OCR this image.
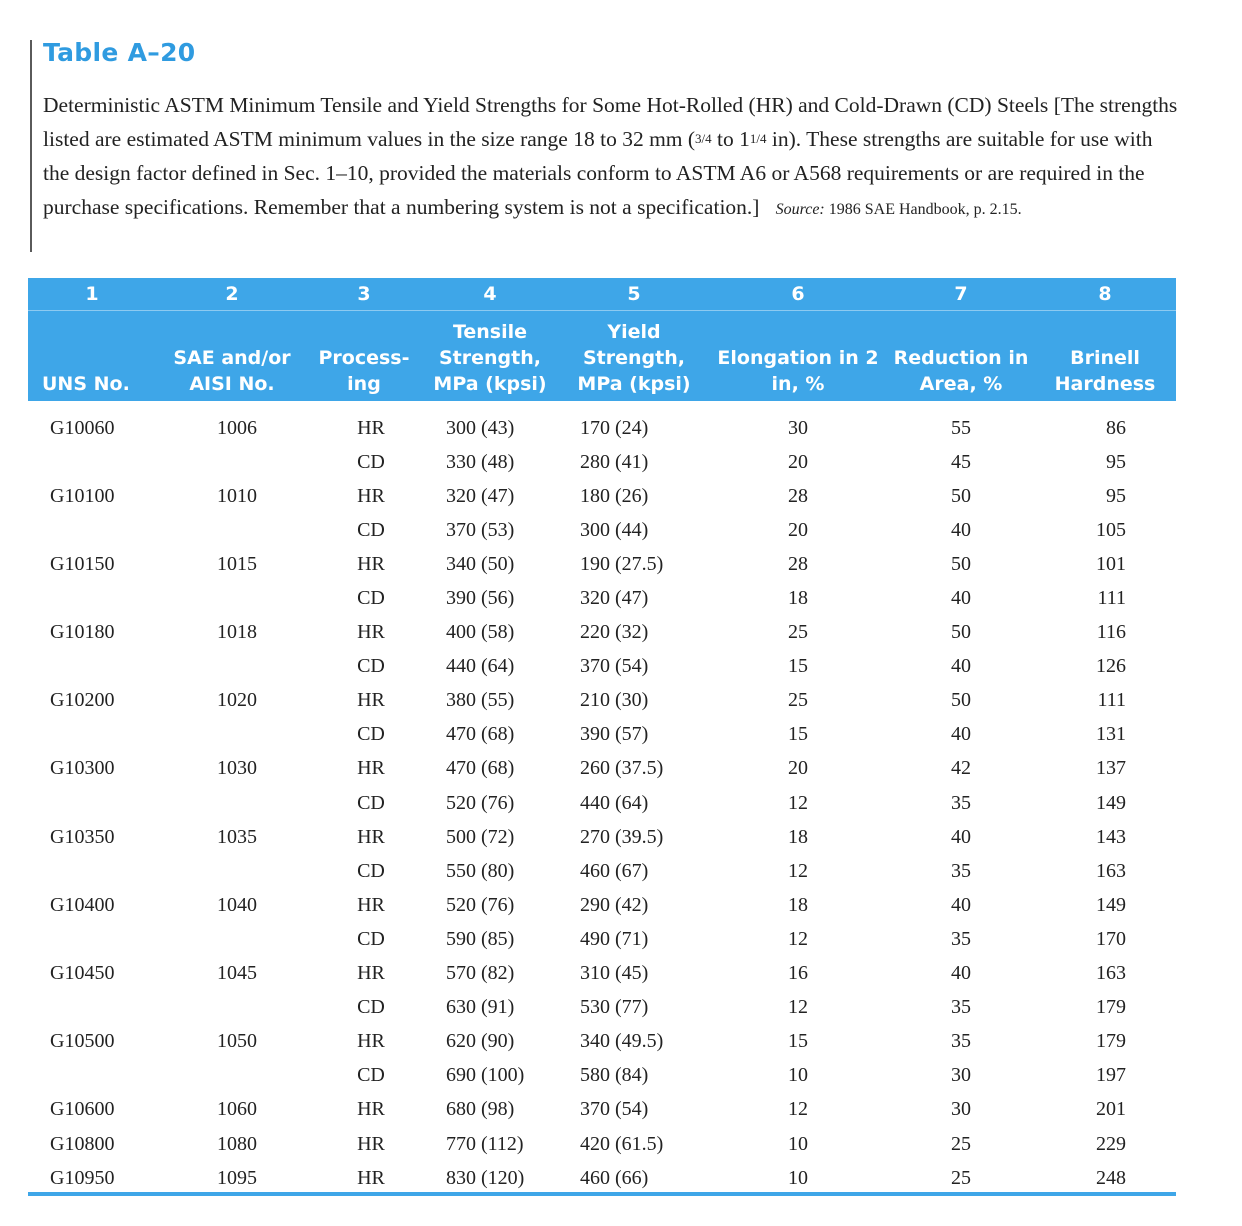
Table A–20
Deterministic ASTM Minimum Tensile and Yield Strengths for Some Hot-Rolled (HR) and Cold-Drawn (CD) Steels [The strengths listed are estimated ASTM minimum values in the size range 18 to 32 mm (3/4 to 11/4 in). These strengths are suitable for use with the design factor defined in Sec. 1–10, provided the materials conform to ASTM A6 or A568 requirements or are required in the purchase specifications. Remember that a numbering system is not a specification.] Source: 1986 SAE Handbook, p. 2.15.
1	2	3	4	5	6	7	8
UNS No.	SAE and/or AISI No.	Process-ing	Tensile Strength, MPa (kpsi)	Yield Strength, MPa (kpsi)	Elongation in 2 in, %	Reduction in Area, %	Brinell Hardness
G10060	1006	HR	300 (43)	170 (24)	30	55	86
		CD	330 (48)	280 (41)	20	45	95
G10100	1010	HR	320 (47)	180 (26)	28	50	95
		CD	370 (53)	300 (44)	20	40	105
G10150	1015	HR	340 (50)	190 (27.5)	28	50	101
		CD	390 (56)	320 (47)	18	40	111
G10180	1018	HR	400 (58)	220 (32)	25	50	116
		CD	440 (64)	370 (54)	15	40	126
G10200	1020	HR	380 (55)	210 (30)	25	50	111
		CD	470 (68)	390 (57)	15	40	131
G10300	1030	HR	470 (68)	260 (37.5)	20	42	137
		CD	520 (76)	440 (64)	12	35	149
G10350	1035	HR	500 (72)	270 (39.5)	18	40	143
		CD	550 (80)	460 (67)	12	35	163
G10400	1040	HR	520 (76)	290 (42)	18	40	149
		CD	590 (85)	490 (71)	12	35	170
G10450	1045	HR	570 (82)	310 (45)	16	40	163
		CD	630 (91)	530 (77)	12	35	179
G10500	1050	HR	620 (90)	340 (49.5)	15	35	179
		CD	690 (100)	580 (84)	10	30	197
G10600	1060	HR	680 (98)	370 (54)	12	30	201
G10800	1080	HR	770 (112)	420 (61.5)	10	25	229
G10950	1095	HR	830 (120)	460 (66)	10	25	248
